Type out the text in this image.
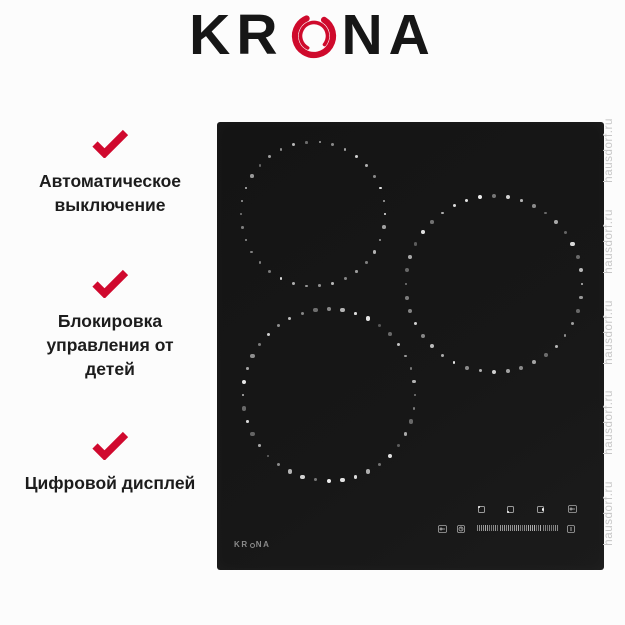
KR NA
Автоматическое
выключение
Блокировка
управления от
детей
Цифровой дисплей
KR NA
hausdorf.ru
hausdorf.ru
hausdorf.ru
hausdorf.ru
hausdorf.ru
